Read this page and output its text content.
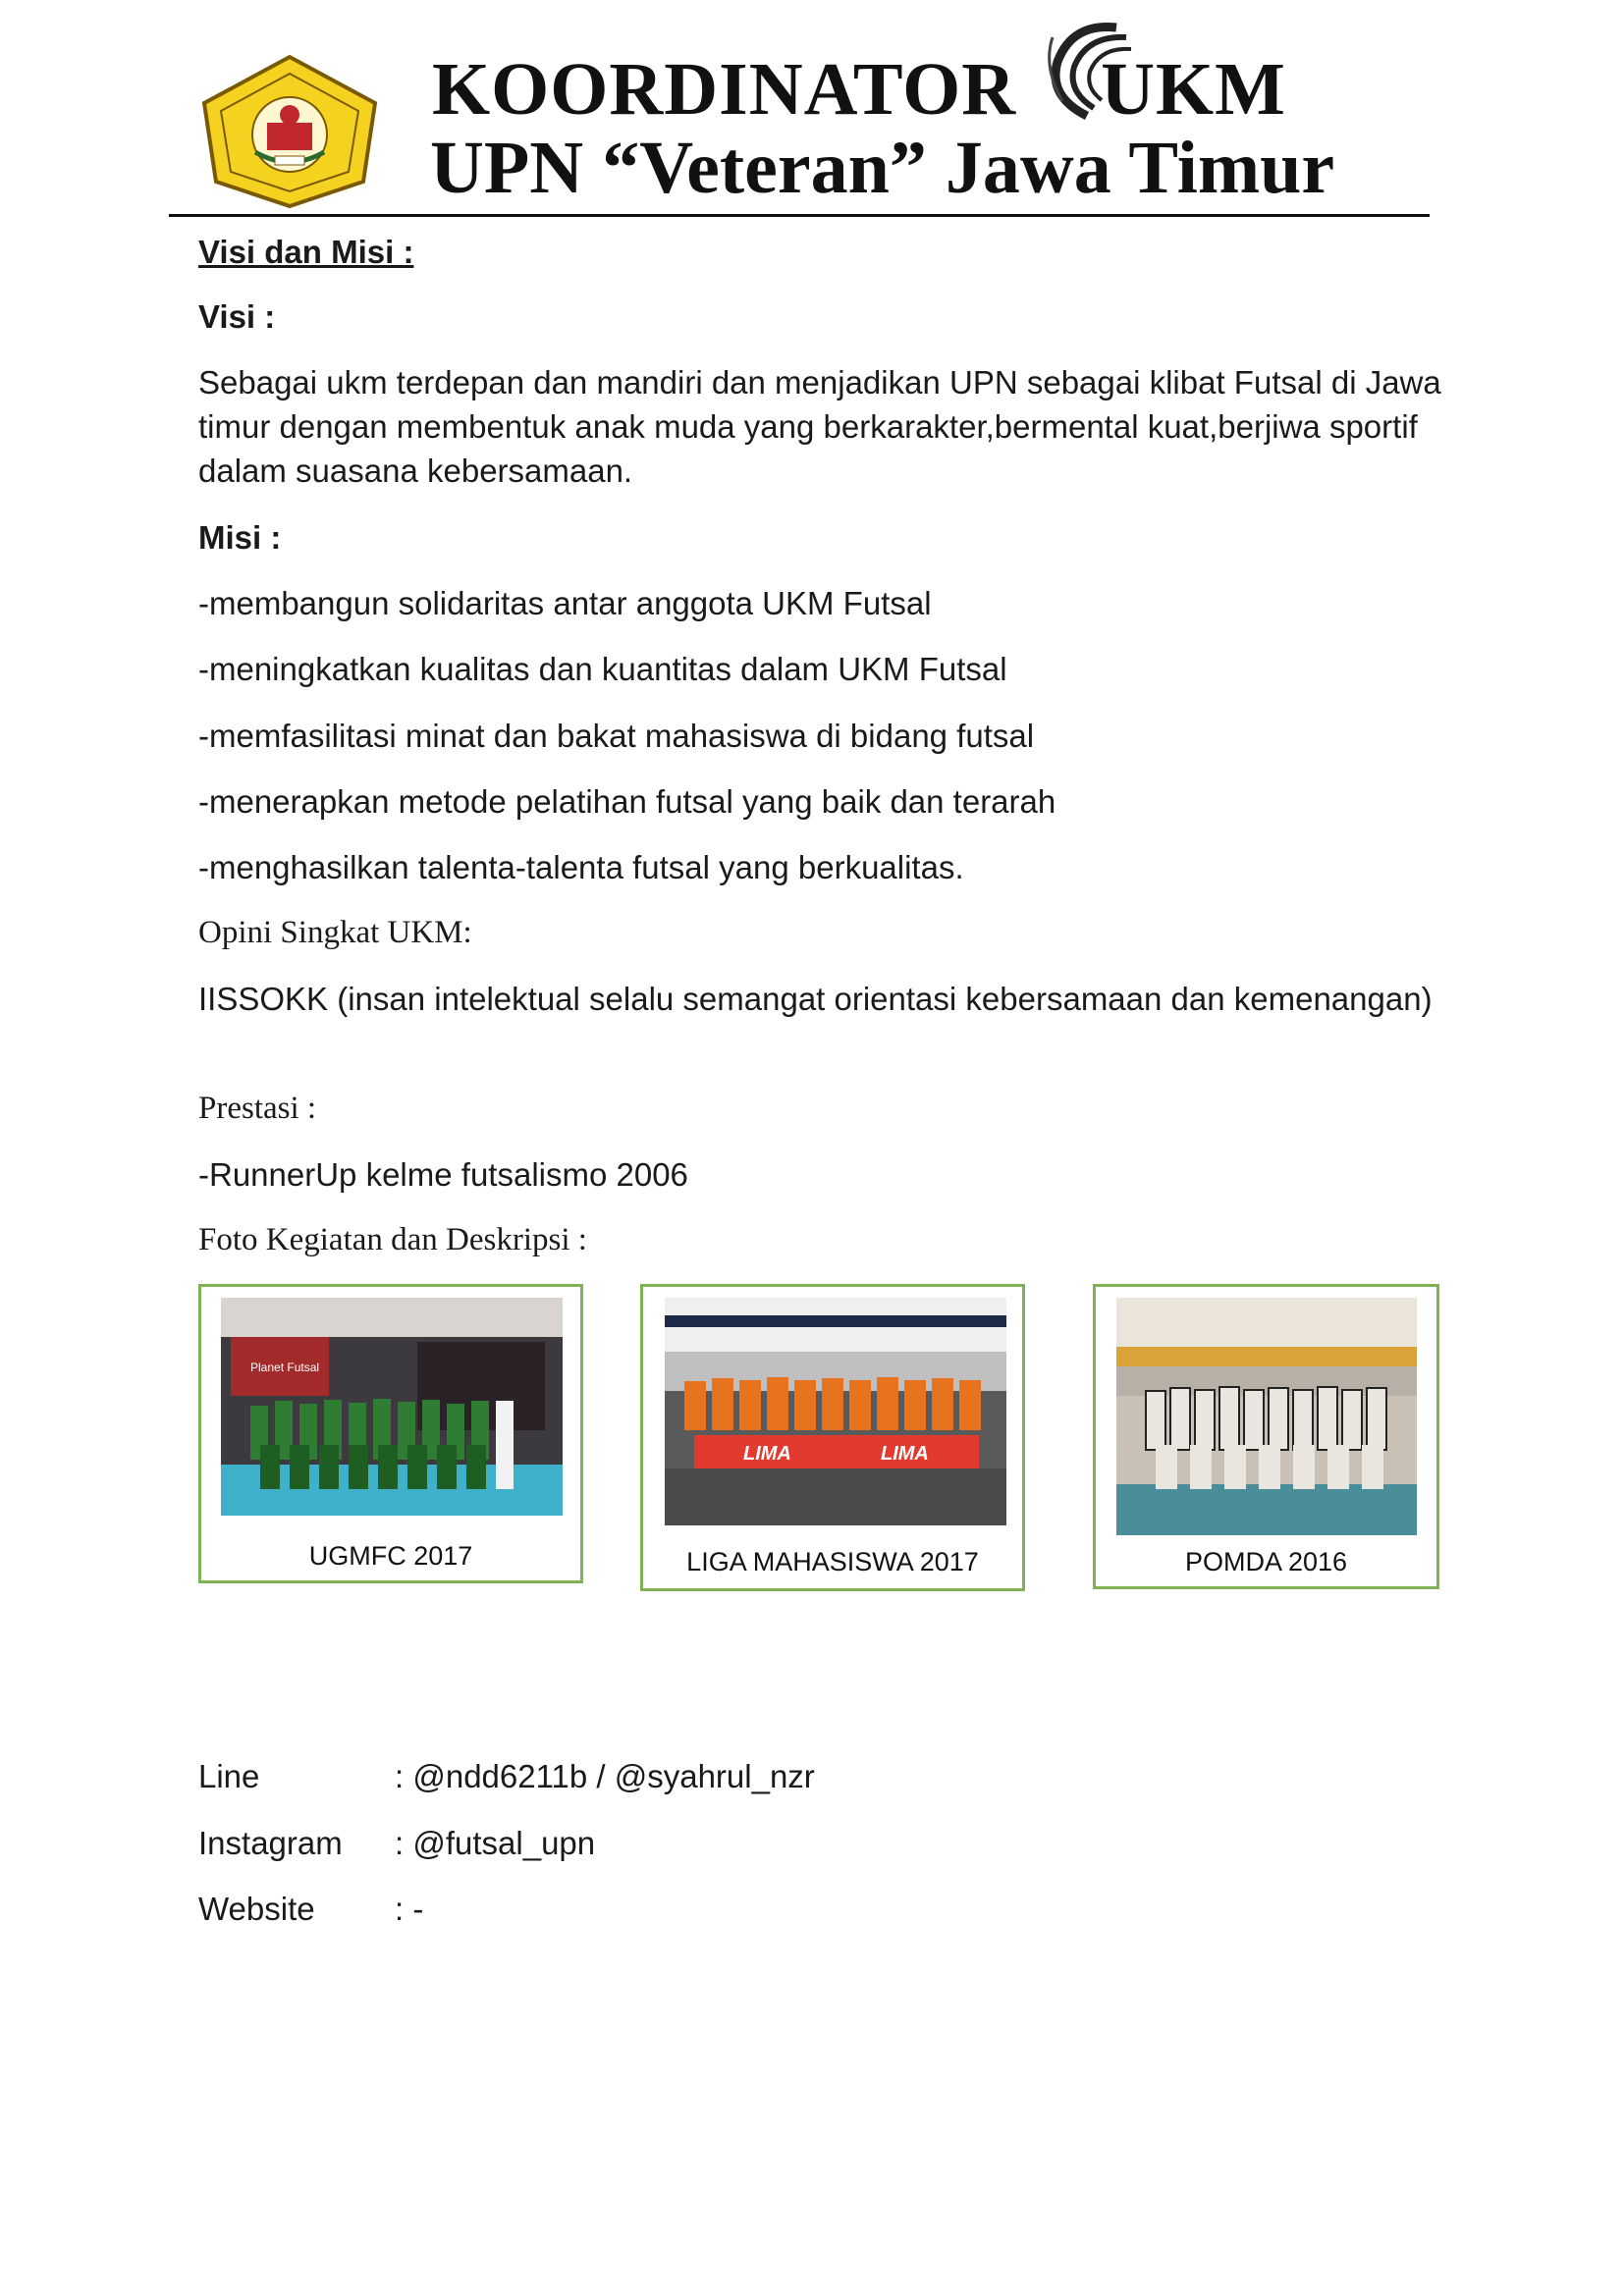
KOORDINATOR UKM
UPN “Veteran” Jawa Timur
Visi dan Misi :
Visi :
Sebagai ukm terdepan dan mandiri dan menjadikan UPN sebagai klibat Futsal di Jawa timur dengan membentuk anak muda yang berkarakter,bermental kuat,berjiwa sportif dalam suasana kebersamaan.
Misi :
-membangun solidaritas antar anggota UKM Futsal
-meningkatkan kualitas dan kuantitas dalam UKM Futsal
-memfasilitasi minat dan bakat mahasiswa di bidang futsal
-menerapkan metode pelatihan futsal yang baik dan terarah
-menghasilkan talenta-talenta futsal yang berkualitas.
Opini Singkat UKM:
IISSOKK (insan intelektual selalu semangat orientasi kebersamaan dan kemenangan)
Prestasi :
-RunnerUp kelme futsalismo 2006
Foto Kegiatan dan Deskripsi :
Planet Futsal
UGMFC 2017
LIMA	LIMA
LIGA MAHASISWA 2017	POMDA 2016
Line	: @ndd6211b / @syahrul_nzr
Instagram : @futsal_upn
Website : -
